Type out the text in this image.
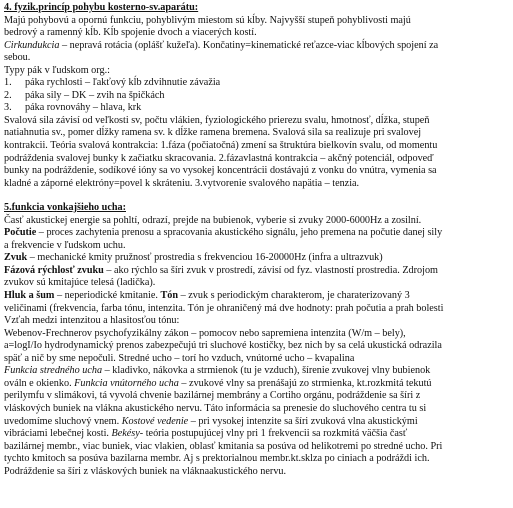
4. fyzik.princíp pohybu kosterno-sv.aparátu:
Majú pohybovú a opornú funkciu, pohyblivým miestom sú kĺby. Najvyšší stupeň pohyblivosti majú
bedrový a ramenný kĺb. Kĺb spojenie dvoch a viacerých kostí.
Cirkundukcia – nepravá rotácia (oplášť kužeľa). Končatiny=kinematické reťazce-viac kĺbových spojení za
sebou.
Typy pák v ľudskom org.:
1. páka rychlosti – ľakťový kĺb zdvihnutie závažia
2. páka sily – DK – zvih na špičkách
3. páka rovnováhy – hlava, krk
Svalová sila závisí od veľkosti sv, počtu vlákien, fyziologického prierezu svalu, hmotnosť, dĺžka, stupeň
natiahnutia sv., pomer dĺžky ramena sv. k dĺžke ramena bremena. Svalová sila sa realizuje pri svalovej
kontrakcii. Teória svalová kontrakcia: 1.fáza (počiatočná) zmení sa štruktúra bielkovín svalu, od momentu
podráždenia svalovej bunky k začiatku skracovania. 2.fázavlastná kontrakcia – akčný potenciál, odpoveď
bunky na podráždenie, sodíkové ióny sa vo vysokej koncentrácii dostávajú z vonku do vnútra, vymenia sa
kladné a záporné elektróny=povel k skráteniu. 3.vytvorenie svalového napätia – tenzia.
5.funkcia vonkajšieho ucha:
Časť akustickej energie sa pohltí, odrazí, prejde na bubienok, vyberie si zvuky 2000-6000Hz a zosilní.
Počutie – proces zachytenia prenosu a spracovania akustického signálu, jeho premena na počutie danej sily
a frekvencie v ľudskom uchu.
Zvuk – mechanické kmity pružnosť prostredia s frekvenciou 16-20000Hz (infra a ultrazvuk)
Fázová rýchlosť zvuku – ako rýchlo sa šíri zvuk v prostredí, závisí od fyz. vlastností prostredia. Zdrojom
zvukov sú kmitajúce telesá (ladička).
Hluk a šum – neperiodické kmitanie. Tón – zvuk s periodickým charakterom, je charaterizovaný 3
veličinami (frekvencia, farba tónu, intenzita. Tón je ohraničený má dve hodnoty: prah počutia a prah bolesti
Vzťah medzi intenzitou a hlasitosťou tónu:
Webenov-Frechnerov psychofyzikálny zákon – pomocov nebo sapremiena intenzita (W/m – bely),
a=logI/Io hydrodynamický prenos zabezpečujú tri sluchové kostičky, bez nich by sa celá ukustická odrazila
späť a nič by sme nepočuli. Stredné ucho – torí ho vzduch, vnútorné ucho – kvapalina
Funkcia stredného ucha – kladivko, nákovka a strmienok (tu je vzduch), šírenie zvukovej vlny bubienok
ováln e okienko. Funkcia vnútorného ucha – zvukové vlny sa prenášajú zo strmienka, kt.rozkmitá tekutú
perilymfu v slimákovi, tá vyvolá chvenie bazilárnej membrány a Cortiho orgánu, podráždenie sa šíri z
vláskových buniek na vlákna akustického nervu. Táto informácia sa prenesie do sluchového centra tu si
uvedomíme sluchový vnem. Kostové vedenie – pri vysokej intenzite sa šíri zvuková vlna akustickými
vibráciami lebečnej kosti. Bekésy- teória postupujúcej vlny pri 1 frekvencii sa rozkmitá väčšia časť
bazilárnej membr., viac buniek, viac vlakien, oblasť kmitania sa posúva od helikotremi po stredné ucho. Pri
tychto kmitoch sa posúva bazilarna membr. Aj s prektorialnou membr.kt.sklza po ciniach a podráždi ich.
Podráždenie sa šíri z vláskových buniek na vláknaakustického nervu.
